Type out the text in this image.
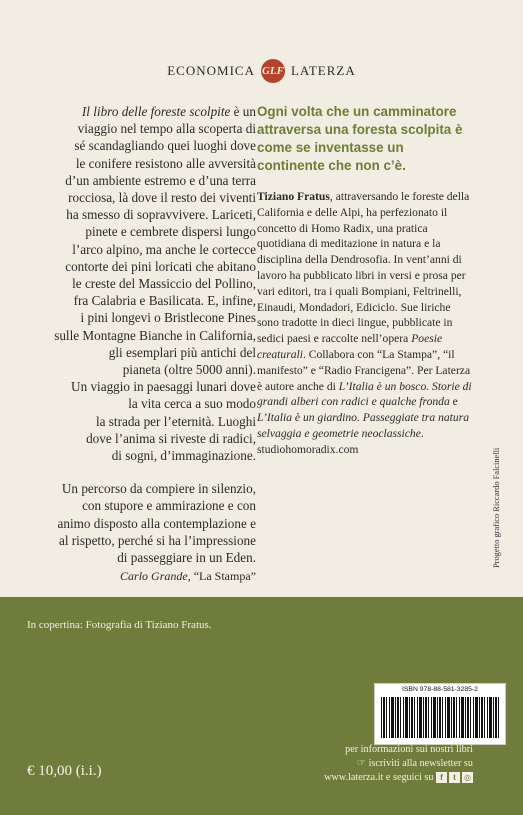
ECONOMICA GLF LATERZA

Il libro delle foreste scolpite è un
viaggio nel tempo alla scoperta di
sé scandagliando quei luoghi dove
le conifere resistono alle avversità
d’un ambiente estremo e d’una terra
rocciosa, là dove il resto dei viventi
ha smesso di sopravvivere. Lariceti,
pinete e cembrete dispersi lungo
l’arco alpino, ma anche le cortecce
contorte dei pini loricati che abitano
le creste del Massiccio del Pollino,
fra Calabria e Basilicata. E, infine,
i pini longevi o Bristlecone Pines
sulle Montagne Bianche in California,
gli esemplari più antichi del
pianeta (oltre 5000 anni).
Un viaggio in paesaggi lunari dove
la vita cerca a suo modo
la strada per l’eternità. Luoghi
dove l’anima si riveste di radici,
di sogni, d’immaginazione.

Un percorso da compiere in silenzio,
con stupore e ammirazione e con
animo disposto alla contemplazione e
al rispetto, perché si ha l’impressione
di passeggiare in un Eden.

Carlo Grande, “La Stampa”

Ogni volta che un camminatore attraversa una foresta scolpita è come se inventasse un continente che non c’è.

Tiziano Fratus, attraversando le foreste della California e delle Alpi, ha perfezionato il concetto di Homo Radix, una pratica quotidiana di meditazione in natura e la disciplina della Dendrosofia. In vent’anni di lavoro ha pubblicato libri in versi e prosa per vari editori, tra i quali Bompiani, Feltrinelli, Einaudi, Mondadori, Ediciclo. Sue liriche sono tradotte in dieci lingue, pubblicate in sedici paesi e raccolte nell’opera Poesie creaturali. Collabora con “La Stampa”, “il manifesto” e “Radio Francigena”. Per Laterza è autore anche di L’Italia è un bosco. Storie di grandi alberi con radici e qualche fronda e L’Italia è un giardino. Passeggiate tra natura selvaggia e geometrie neoclassiche.
studiohomoradix.com	Progetto grafico Riccardo Falcinelli
In copertina: Fotografia di Tiziano Fratus.
ISBN 978-88-581-3285-2
€ 10,00 (i.i.)
per informazioni sui nostri libri
☞ iscriviti alla newsletter su
www.laterza.it e seguici su f	t	◎
